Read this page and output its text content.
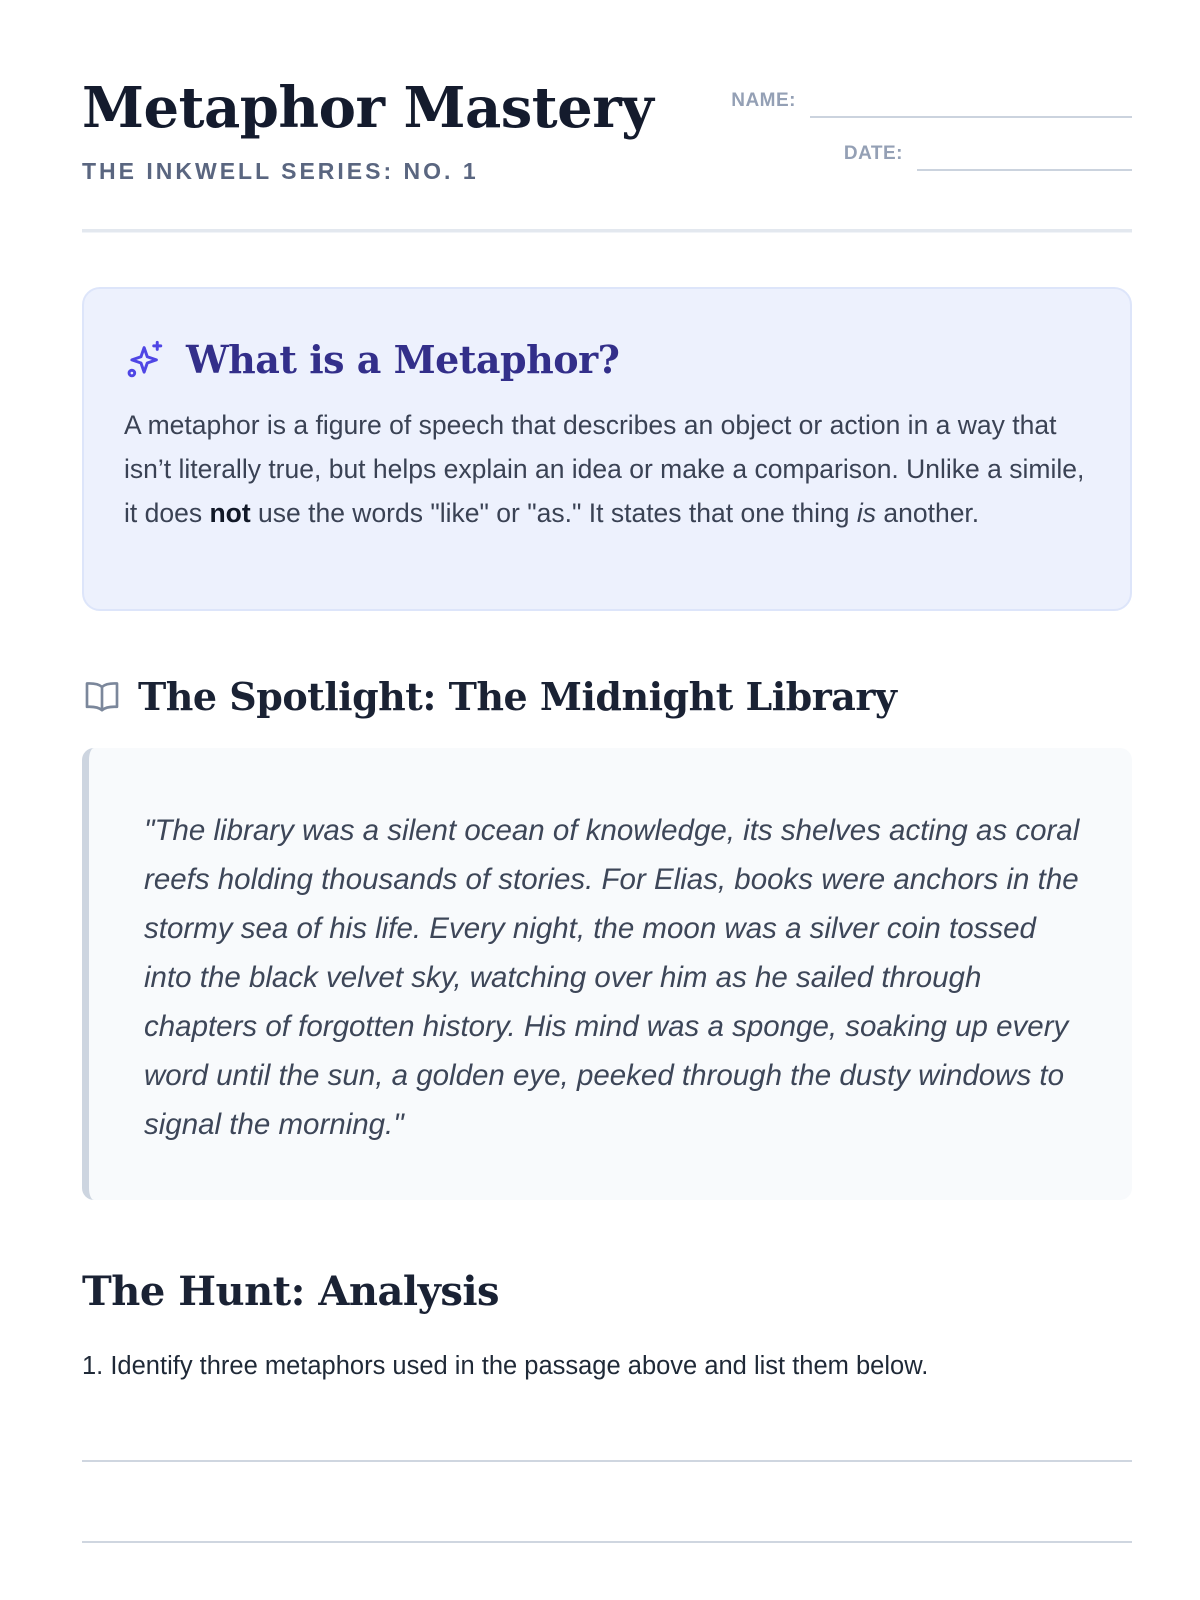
Metaphor Mastery

THE INKWELL SERIES: NO. 1

NAME:
DATE:
What is a Metaphor?
A metaphor is a figure of speech that describes an object or action in a way that isn’t literally true, but helps explain an idea or make a comparison. Unlike a simile, it does not use the words "like" or "as." It states that one thing is another.
The Spotlight: The Midnight Library

"The library was a silent ocean of knowledge, its shelves acting as coral reefs holding thousands of stories. For Elias, books were anchors in the stormy sea of his life. Every night, the moon was a silver coin tossed into the black velvet sky, watching over him as he sailed through chapters of forgotten history. His mind was a sponge, soaking up every word until the sun, a golden eye, peeked through the dusty windows to signal the morning."

The Hunt: Analysis

1. Identify three metaphors used in the passage above and list them below.
